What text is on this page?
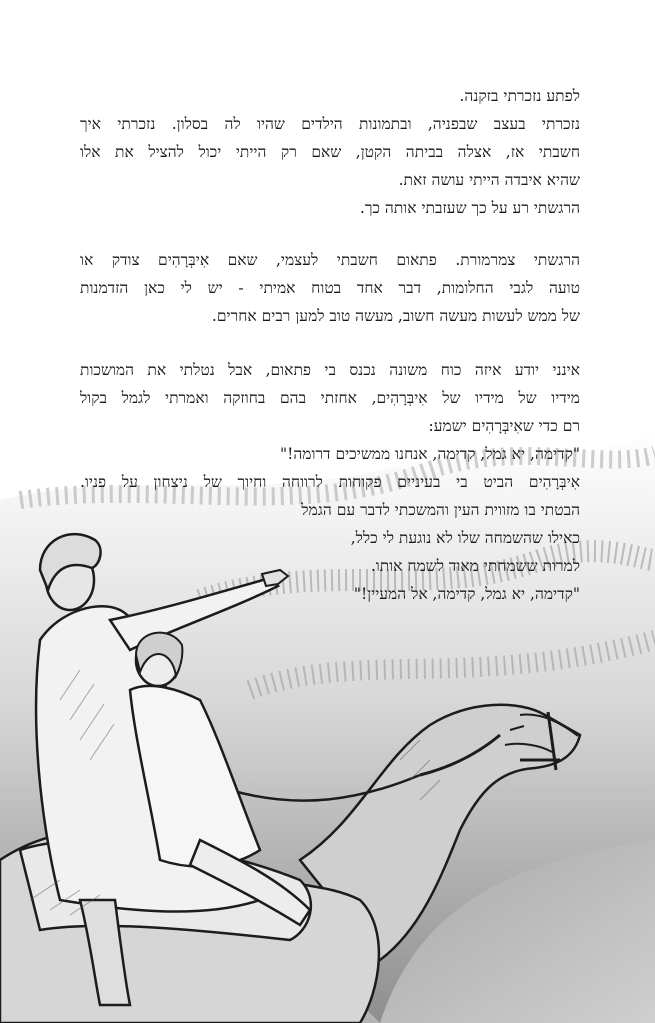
לפתע נזכרתי בזקנה.
נזכרתי בעצב שבפניה, ובתמונות הילדים שהיו לה בסלון. נזכרתי איך
חשבתי אז, אצלה בביתה הקטן, שאם רק הייתי יכול להציל את אלו
שהיא איבדה הייתי עושה זאת.
הרגשתי רע על כך שעזבתי אותה כך.
הרגשתי צמרמורת. פתאום חשבתי לעצמי, שאם אִיבְּרָהִים צודק או
טועה לגבי החלומות, דבר אחד בטוח אמיתי - יש לי כאן הזדמנות
של ממש לעשות מעשה חשוב, מעשה טוב למען רבים אחרים.
אינני יודע איזה כוח משונה נכנס בי פתאום, אבל נטלתי את המושכות
מידיו של מידיו של אִיבְּרָהִים, אחזתי בהם בחוזקה ואמרתי לגמל בקול
רם כדי שאִיבְּרָהִים ישמע:
"קדימה, יא גמל, קדימה, אנחנו ממשיכים דרומה!"
אִיבְּרָהִים הביט בי בעיניים פקוחות לרווחה וחיוך של ניצחון על פניו.
הבטתי בו מזווית העין והמשכתי לדבר עם הגמל
כאילו שהשמחה שלו לא נוגעת לי כלל,
למרות ששמחתי מאוד לשמח אותו.
"קדימה, יא גמל, קדימה, אל המעיין!"
